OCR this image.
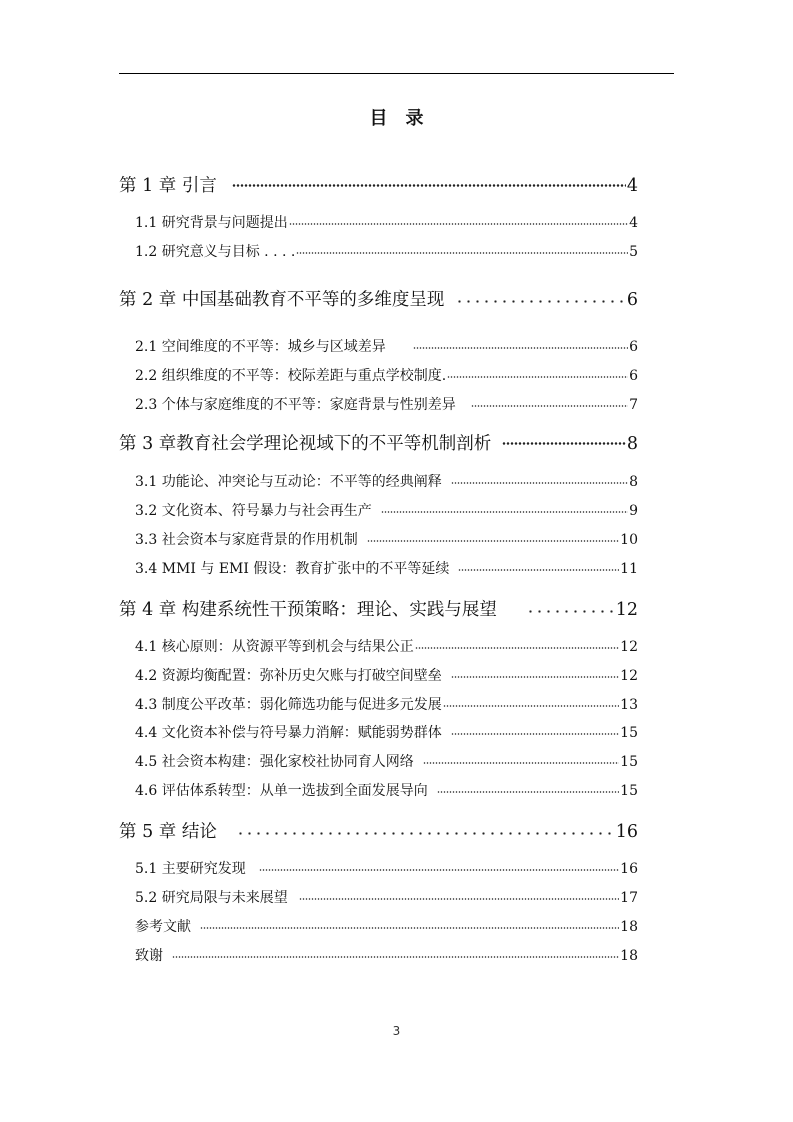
目录
第 1 章 引言	4
1.1 研究背景与问题提出	4
1.2 研究意义与目标 . . . .	5
第 2 章 中国基础教育不平等的多维度呈现	6
2.1 空间维度的不平等：城乡与区域差异	6
2.2 组织维度的不平等：校际差距与重点学校制度.	6
2.3 个体与家庭维度的不平等：家庭背景与性别差异	7
第 3 章教育社会学理论视域下的不平等机制剖析	8
3.1 功能论、冲突论与互动论：不平等的经典阐释	8
3.2 文化资本、符号暴力与社会再生产	9
3.3 社会资本与家庭背景的作用机制	10
3.4 MMI 与 EMI 假设：教育扩张中的不平等延续	11
第 4 章 构建系统性干预策略：理论、实践与展望	12
4.1 核心原则：从资源平等到机会与结果公正	12
4.2 资源均衡配置：弥补历史欠账与打破空间壁垒	12
4.3 制度公平改革：弱化筛选功能与促进多元发展	13
4.4 文化资本补偿与符号暴力消解：赋能弱势群体	15
4.5 社会资本构建：强化家校社协同育人网络	15
4.6 评估体系转型：从单一选拔到全面发展导向	15
第 5 章 结论	16
5.1 主要研究发现	16
5.2 研究局限与未来展望	17
参考文献	18
致谢	18
3
